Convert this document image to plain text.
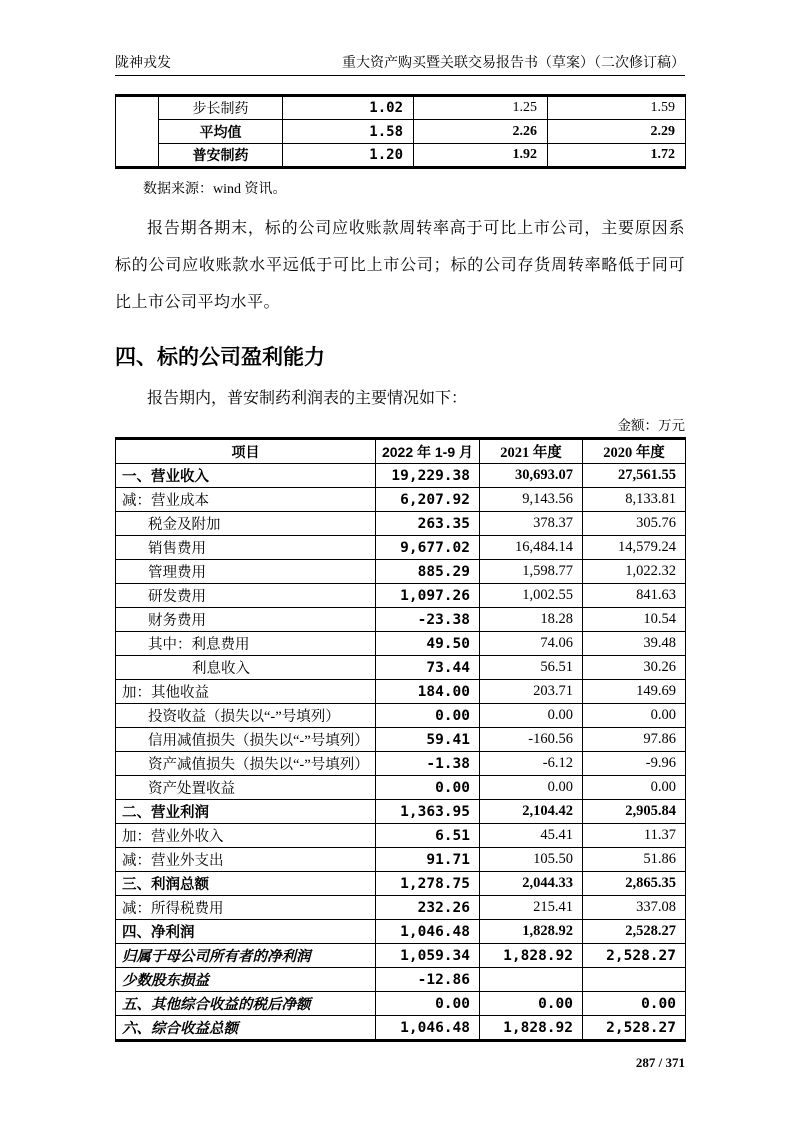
陇神戎发	重大资产购买暨关联交易报告书（草案）（二次修订稿）
	步长制药	1.02	1.25	1.59
	平均值	1.58	2.26	2.29
	普安制药	1.20	1.92	1.72

数据来源：wind 资讯。

报告期各期末，标的公司应收账款周转率高于可比上市公司，主要原因系标的公司应收账款水平远低于可比上市公司；标的公司存货周转率略低于同可比上市公司平均水平。

四、标的公司盈利能力

报告期内，普安制药利润表的主要情况如下：

金额：万元
项目	2022 年 1-9 月	2021 年度	2020 年度
一、营业收入	19,229.38	30,693.07	27,561.55
减：营业成本	6,207.92	9,143.56	8,133.81
税金及附加	263.35	378.37	305.76
销售费用	9,677.02	16,484.14	14,579.24
管理费用	885.29	1,598.77	1,022.32
研发费用	1,097.26	1,002.55	841.63
财务费用	-23.38	18.28	10.54
其中：利息费用	49.50	74.06	39.48
利息收入	73.44	56.51	30.26
加：其他收益	184.00	203.71	149.69
投资收益（损失以“-”号填列）	0.00	0.00	0.00
信用减值损失（损失以“-”号填列）	59.41	-160.56	97.86
资产减值损失（损失以“-”号填列）	-1.38	-6.12	-9.96
资产处置收益	0.00	0.00	0.00
二、营业利润	1,363.95	2,104.42	2,905.84
加：营业外收入	6.51	45.41	11.37
减：营业外支出	91.71	105.50	51.86
三、利润总额	1,278.75	2,044.33	2,865.35
减：所得税费用	232.26	215.41	337.08
四、净利润	1,046.48	1,828.92	2,528.27
归属于母公司所有者的净利润	1,059.34	1,828.92	2,528.27
少数股东损益	-12.86		
五、其他综合收益的税后净额	0.00	0.00	0.00
六、综合收益总额	1,046.48	1,828.92	2,528.27
287 / 371
